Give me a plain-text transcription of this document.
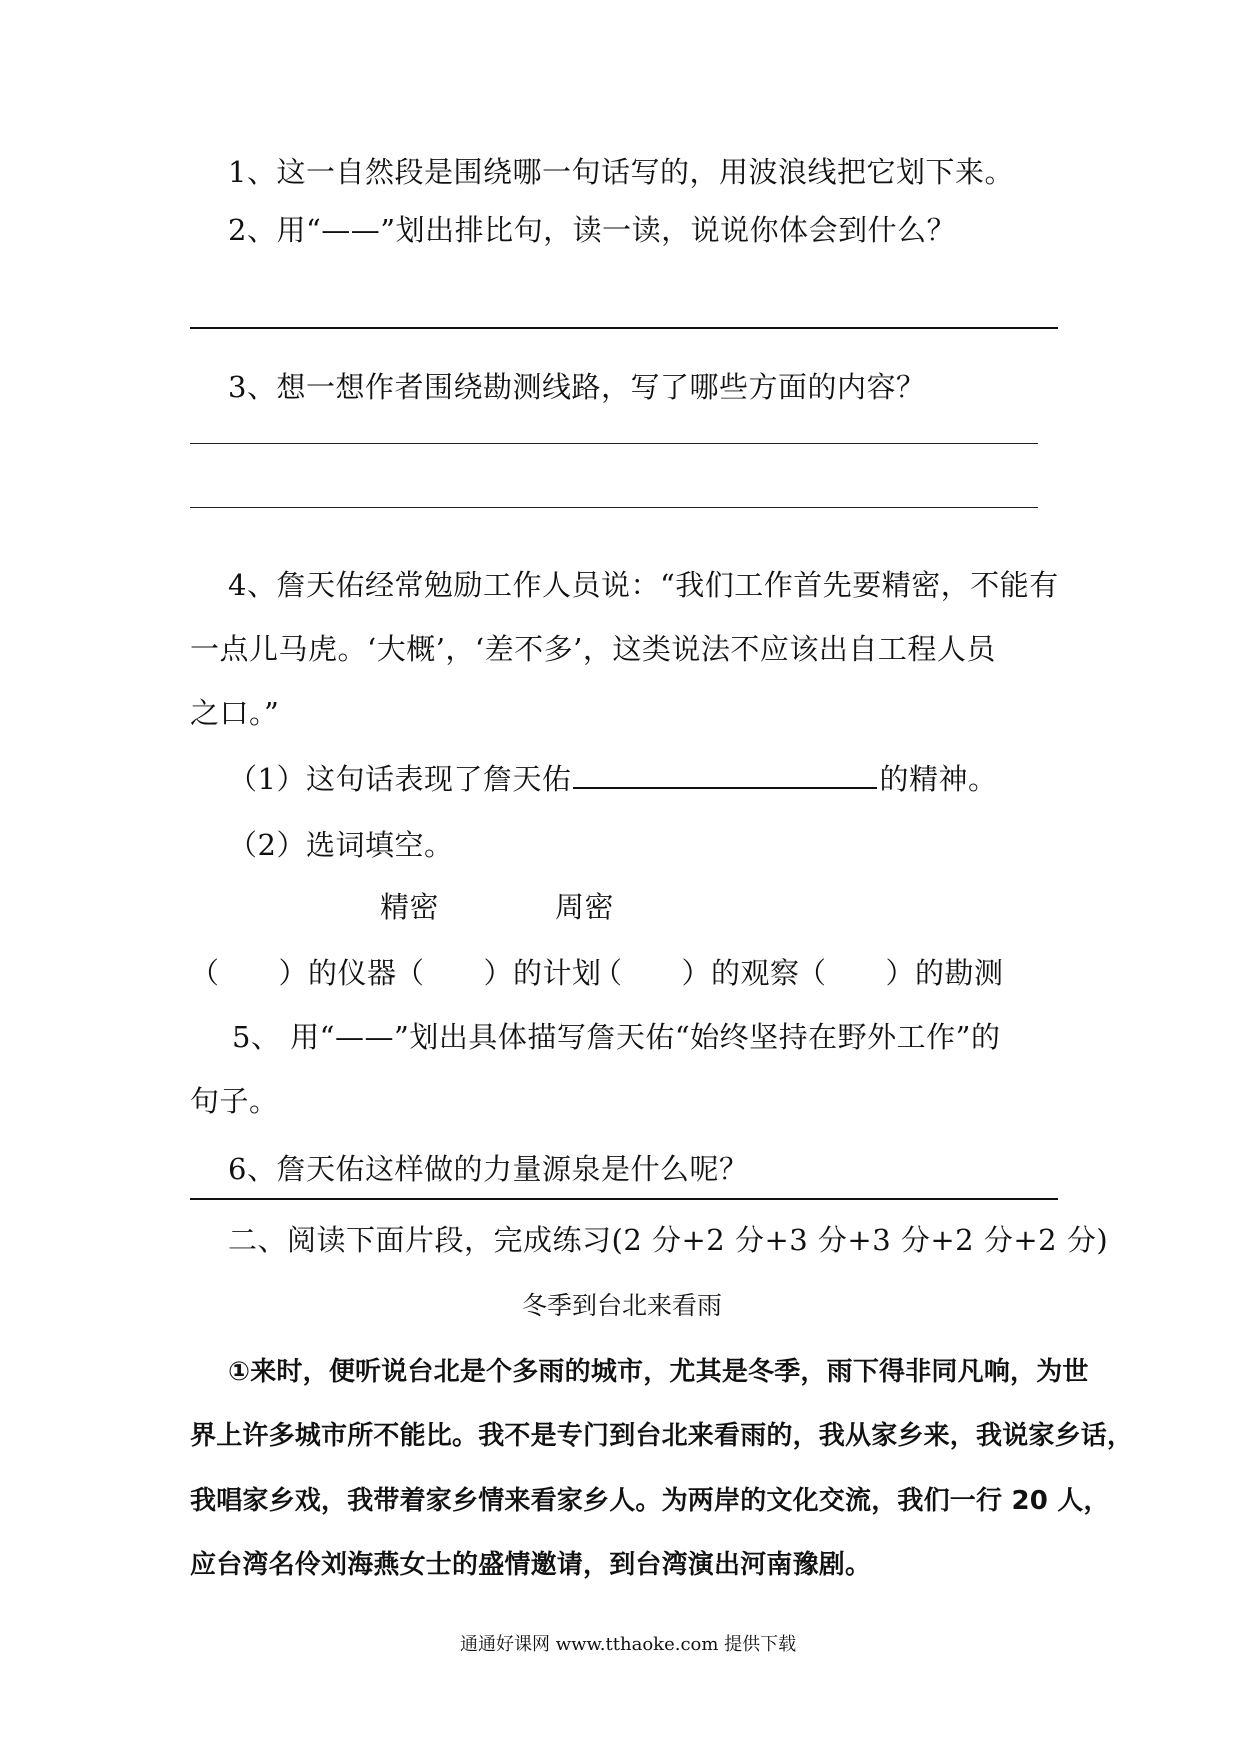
1、这一自然段是围绕哪一句话写的，用波浪线把它划下来。
2、用“——”划出排比句，读一读，说说你体会到什么？
3、想一想作者围绕勘测线路，写了哪些方面的内容？
4、詹天佑经常勉励工作人员说：“我们工作首先要精密，不能有
一点儿马虎。‘大概’，‘差不多’，这类说法不应该出自工程人员
之口。”
（1）这句话表现了詹天佑	的精神。
（2）选词填空。
精密	周密
（　　）的仪器
（　　）的计划
（　　）的观察
（　　）的勘测
5、 用“——”划出具体描写詹天佑“始终坚持在野外工作”的
句子。
6、詹天佑这样做的力量源泉是什么呢？
二、阅读下面片段，完成练习(2 分+2 分+3 分+3 分+2 分+2 分)
冬季到台北来看雨
①来时，便听说台北是个多雨的城市，尤其是冬季，雨下得非同凡响，为世
界上许多城市所不能比。我不是专门到台北来看雨的，我从家乡来，我说家乡话，
我唱家乡戏，我带着家乡情来看家乡人。为两岸的文化交流，我们一行 20 人，
应台湾名伶刘海燕女士的盛情邀请，到台湾演出河南豫剧。
通通好课网 www.tthaoke.com 提供下载
